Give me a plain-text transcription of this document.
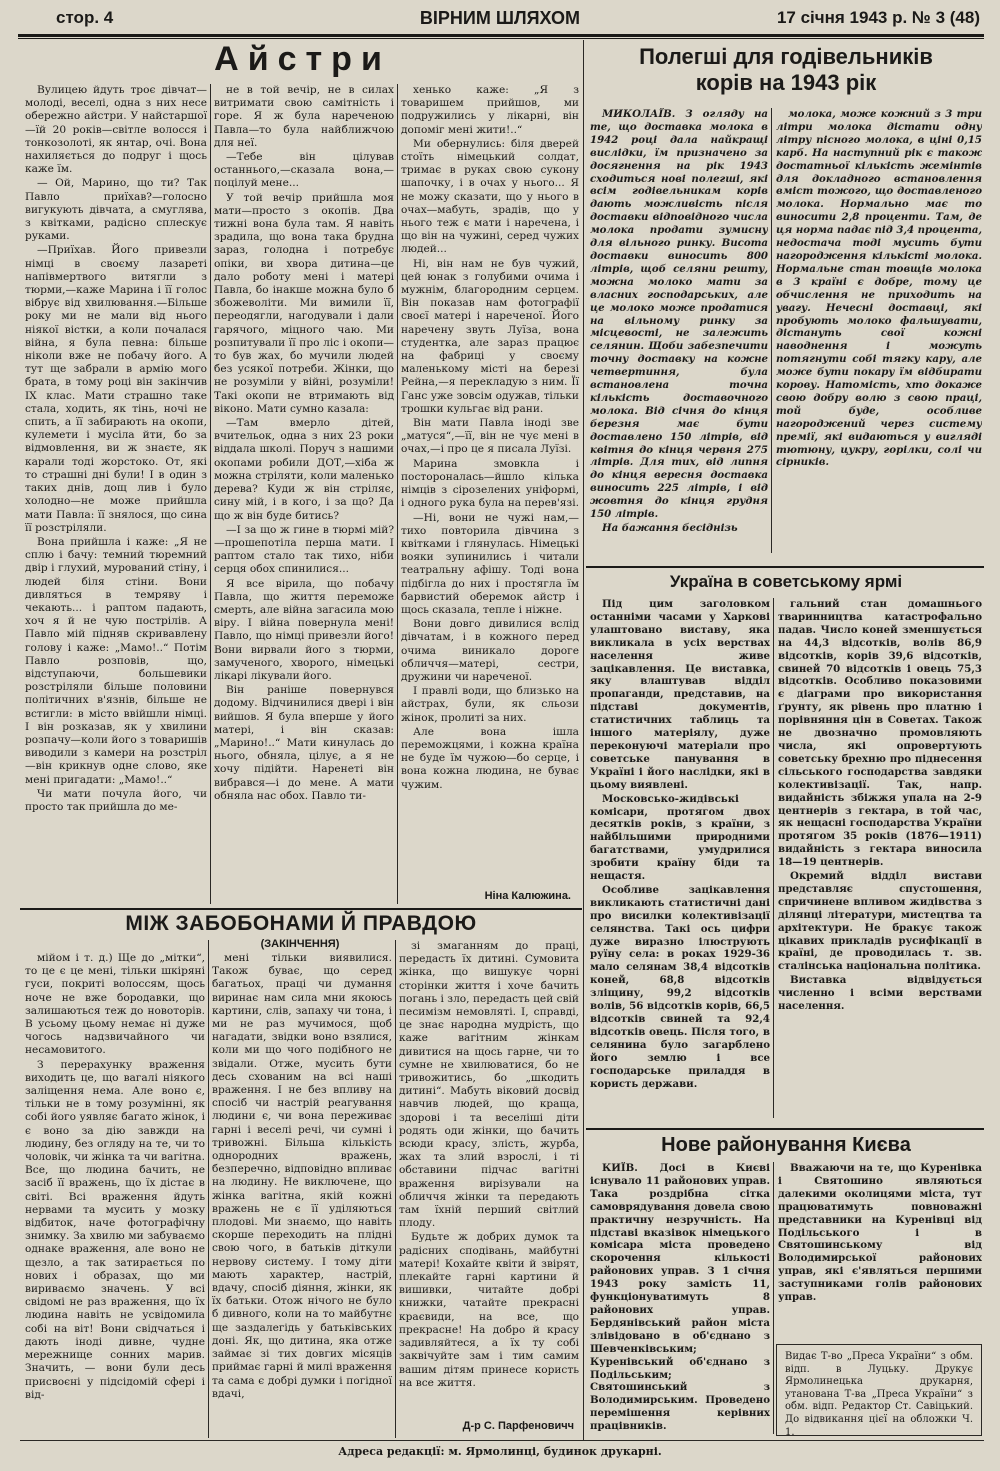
стор. 4	ВІРНИМ ШЛЯХОМ	17 січня 1943 р. № 3 (48)
Айстри

Вулицею йдуть троє дівчат—молоді, веселі, одна з них несе обережно айстри. У найстаршої—їй 20 років—світле волосся і тонкозолоті, як янтар, очі. Вона нахиляється до подруг і щось каже їм.

— Ой, Марино, що ти? Так Павло приїхав?—голосно вигукують дівчата, а смуглява, з квітками, радісно сплескує руками.

—Приїхав. Його привезли німці в своєму лазареті напівмертвого витягли з тюрми,—каже Марина і її голос вібрує від хвилювання.—Більше року ми не мали від нього ніякої вістки, а коли почалася війна, я була певна: більше ніколи вже не побачу його. А тут ще забрали в армію мого брата, в тому році він закінчив IX клас. Мати страшно таке стала, ходить, як тінь, ночі не спить, а її забирають на окопи, кулемети і мусіла йти, бо за відмовлення, ви ж знаєте, як карали тоді жорстоко. От, які то страшні дні були! І в один з таких днів, дощ лив і було холодно—не може прийшла мати Павла: її знялося, що сина її розстріляли.

Вона прийшла і каже: „Я не сплю і бачу: темний тюремний двір і глухий, мурований стіну, і людей біля стіни. Вони дивляться в темряву і чекають... і раптом падають, хоч я й не чую пострілів. А Павло мій підняв скривавлену голову і каже: „Мамо!..“ Потім Павло розповів, що, відступаючи, большевики розстріляли більше половини політичних в'язнів, більше не встигли: в місто ввійшли німці. І він розказав, як у хвилини розпачу—коли його з товаришів виводили з камери на розстріл—він крикнув одне слово, яке мені пригадати: „Мамо!..“

Чи мати почула його, чи просто так прийшла до ме-

не в той вечір, не в силах витримати свою самітність і горе. Я ж була нареченою Павла—то була найближчою для неї.

—Тебе він цілував останнього,—сказала вона,—поцілуй мене...

У той вечір прийшла моя мати—просто з окопів. Два тижні вона була там. Я навіть зрадила, що вона така брудна зараз, голодна і потребує опіки, ви хвора дитина—це дало роботу мені і матері Павла, бо інакше можна було б збожеволіти. Ми вимили її, переодягли, нагодували і дали гарячого, міцного чаю. Ми розпитували її про ліс і окопи—то був жах, бо мучили людей без усякої потреби. Жінки, що не розуміли у війні, розуміли! Такі окопи не втримають від віконо. Мати сумно казала:

—Там вмерло дітей, вчительок, одна з них 23 роки віддала школі. Поруч з нашими окопами робили ДОТ,—хіба ж можна стріляти, коли маленько дерева? Куди ж він стріляє, сину мій, і в кого, і за що? Да що ж він буде битись?

—І за що ж гине в тюрмі мій?—прошепотіла перша мати. І раптом стало так тихо, ніби серця обох спинилися...

Я все вірила, що побачу Павла, що життя переможе смерть, але війна загасила мою віру. І війна повернула мені! Павло, що німці привезли його! Вони вирвали його з тюрми, замученого, хворого, німецькі лікарі лікували його.

Він раніше повернувся додому. Відчинилися двері і він вийшов. Я була вперше у його матері, і він сказав: „Марино!..“ Мати кинулась до нього, обняла, цілує, а я не хочу підійти. Наренеті він вибрався—і до мене. А мати обняла нас обох. Павло ти-

хенько каже: „Я з товаришем прийшов, ми подружились у лікарні, він допоміг мені жити!..“

Ми обернулись: біля дверей стоїть німецький солдат, тримає в руках свою сукону шапочку, і в очах у нього... Я не можу сказати, що у нього в очах—мабуть, зрадів, що у нього теж є мати і наречена, і що він на чужині, серед чужих людей...

Ні, він нам не був чужий, цей юнак з голубими очима і мужнім, благородним серцем. Він показав нам фотографії своєї матері і нареченої. Його наречену звуть Луїза, вона студентка, але зараз працює на фабриці у своєму маленькому місті на березі Рейна,—я перекладую з ним. Її Ганс уже зовсім одужав, тільки трошки кульгає від рани.

Він мати Павла іноді зве „матуся“,—її, він не чує мені в очах,—і про це я писала Луїзі.

Марина змовкла і постороналась—йшло кілька німців з сірозелених уніформі, і одного рука була на перев'язі.

—Ні, вони не чужі нам,—тихо повторила дівчина з квітками і глянулась. Німецькі вояки зупинились і читали театральну афішу. Тоді вона підбігла до них і простягла їм барвистий оберемок айстр і щось сказала, тепле і ніжне.

Вони довго дивилися вслід дівчатам, і в кожного перед очима виникало дороге обличчя—матері, сестри, дружини чи нареченої.

І правлі води, що близько на айстрах, були, як сльози жінок, пролиті за них.

Але вона ішла переможцями, і кожна країна не буде їм чужою—бо серце, і вона кожна людина, не буває чужим.

Ніна Калюжина.
Полегші для годівельників
корів на 1943 рік

МИКОЛАЇВ. З огляду на те, що доставка молока в 1942 році дала найкращі вислідки, їм призначено за досягнення на рік 1943 сходиться нові полегші, які всім годівельникам корів дають можливість після доставки відповідного числа молока продати зумисну для вільного ринку. Висота доставки виносить 800 літрів, щоб селяни решту, можна молоко мати за власних господарських, але це молоко може продатися на вільному ринку за місцевості, не залежить селянин. Щоби забезпечити точну доставку на кожне четвертиння, була встановлена точна кількість доставочного молока. Від січня до кінця березня має бути доставлено 150 літрів, від квітня до кінця червня 275 літрів. Для тих, від липня до кінця вересня доставка виносить 225 літрів, і від жовтня до кінця грудня 150 літрів.

На бажання бесіднізь

молока, може кожний з 3 три літри молока дістати одну літру пісного молока, в ціні 0,15 карб. На наступний рік є також достатньої кількість жемінтів для докладного встановлення вміст тожого, що доставленого молока. Нормально має то виносити 2,8 проценти. Там, де ця норма падає під 3,4 процента, недостача тоді мусить бути нагородження кількісті молока. Нормальне стан товщів молока в 3 країні є добре, тому це обчислення не приходить на увагу. Нечесні доставці, які пробують молоко фальшувати, дістануть свої кожні наводнення і можуть потягнути собі тягку кару, але може бути покару їм відбирати корову. Натомість, хто докаже свою добру волю з свою праці, той буде, особливе нагороджений через систему премії, які видаються у вигляді тютюну, цукру, горілки, солі чи сірників.

Україна в советському ярмі

Під цим заголовком останніми часами у Харкові улаштовано виставу, яка викликала в усіх верствах населення живе зацікавлення. Це виставка, яку влаштував відділ пропаганди, представив, на підставі документів, статистичних таблиць та іншого матеріялу, дуже переконуючі матеріали про советське панування в Україні і його наслідки, які в цьому виявлені.

Московсько-жидівські комісари, протягом двох десятків років, з країни, з найбільшими природними багатствами, умудрилися зробити країну біди та нещастя.

Особливе зацікавлення викликають статистичні дані про висилки колективізації селянства. Такі ось цифри дуже виразно ілюструють руїну села: в роках 1929-36 мало селянам 38,4 відсотків коней, 68,8 відсотків зліщину, 99,2 відсотків волів, 56 відсотків корів, 66,5 відсотків свиней та 92,4 відсотків овець. Після того, в селянина було загарблено його землю і все господарське приладдя в користь держави.

гальний стан домашнього тваринництва катастрофально падав. Число коней зменшується на 44,3 відсотків, волів 86,9 відсотків, корів 39,6 відсотків, свиней 70 відсотків і овець 75,3 відсотків. Особливо показовими є діаграми про використання ґрунту, як рівень про платню і порівняння цін в Советах. Також не двозначно промовляють числа, які опровертують советську брехню про піднесення сільського господарства завдяки колективізації. Так, напр. видайність збіжжя упала на 2-9 центнерів з гектара, в той час, як нещасні господарства України протягом 35 років (1876—1911) видайність з гектара виносила 18—19 центнерів.

Окремий відділ вистави представляє спустошення, спричинене впливом жидівства з ділянці літератури, мистецтва та архітектури. Не бракує також цікавих прикладів русифікації в країні, де проводилась т. зв. сталінська національна політика.

Виставка відвідується численно і всіми верствами населення.

Нове районування Києва

КИЇВ. Досі в Києві існувало 11 районових управ. Така роздрібна сітка самоврядування довела свою практичну незручність. На підставі вказівок німецького комісара міста проведено скорочення кількості районових управ. З 1 січня 1943 року замість 11, функціонуватимуть 8 районових управ. Бердянівський район міста злівідовано в об'єднано з Шевченківським; Куренівський об'єднано з Подільським; Святошинський з Володимирським. Проведено перемішення керівних працівників.

Вважаючи на те, що Куренівка і Святошино являються далекими околицями міста, тут працюватимуть повноважні представники на Куренівці від Подільського і в Святошинському від Володимирської районових управ, які є'являться першими заступниками голів районових управ.

Видає Т-во „Преса України“ з обм. відп. в Луцьку. Друкує Ярмолинецька друкарня, утанована Т-ва „Преса України“ з обм. відп. Редактор Ст. Савіцький. До відвикання цієї на обложки Ч. 1.
МІЖ ЗАБОБОНАМИ Й ПРАВДОЮ
(ЗАКІНЧЕННЯ)

мійом і т. д.) Ще до „мітки“, то це є це мені, тільки шкіряні гуси, покриті волоссям, щось ноче не вже бородавки, що залишаються теж до новоторів. В усьому цьому немає ні дуже чогось надзвичайного чи несамовитого.

З перерахунку враження виходить це, що вагалі ніякого заліщення нема. Але воно є, тільки не в тому розумінні, як собі його уявляє багато жінок, і є воно за дію завжди на людину, без огляду на те, чи то чоловік, чи жінка та чи вагітна. Все, що людина бачить, не засіб її вражень, що їх дістає в світі. Всі враження йдуть нервами та мусить у мозку відбиток, наче фотографічну знимку. За хвилю ми забуваємо однаке враження, але воно не щезло, а так затирається по нових і образах, що ми вириваємо значень. У всі свідомі не раз враження, що їх людина навіть не усвідомила собі на віт! Вони свідчаться і дають іноді дивне, чудне мережнище сонних марив. Значить, — вони були десь присвоєні у підсідомій сфері і від-

мені тільки виявилися. Також буває, що серед багатьох, праці чи думання виринає нам сила мни якоюсь картини, слів, запаху чи тона, і ми не раз мучимося, щоб нагадати, звідки воно взялися, коли ми що чого подібного не звідали. Отже, мусить бути десь схованим на всі наші враження. І не без впливу на спосіб чи настрій реагування людини є, чи вона переживає гарні і веселі речі, чи сумні і тривожні. Більша кількість однородних вражень, безперечно, відповідно впливає на людину. Не виключене, що жінка вагітна, якій кожні вражень не є її уділяються плодові. Ми знаємо, що навіть скорше переходить на плідні свою чого, в батьків діткули нервову систему. І тому діти мають характер, настрій, вдачу, спосіб діяння, жінки, як їх батьки. Отож нічого не було б дивного, коли на то майбутнє ще заздалегідь у батьківських доні. Як, що дитина, яка отже займає зі тих довгих місяців приймає гарні й милі враження та сама є добрі думки і погідної вдачі,

зі змаганням до праці, передасть їх дитині. Сумовита жінка, що вишукує чорні сторінки життя і хоче бачить погань і зло, передасть цей свій песимізм немовляті. І, справді, це знає народна мудрість, що каже вагітним жінкам дивитися на щось гарне, чи то сумне не хвилюватися, бо не тривожитись, бо „шкодить дитині“. Мабуть віковий досвід навчив людей, що краща, здорові і та веселіші діти родять оди жінки, що бачить всюди красу, злість, журба, жах та злий взрослі, і ті обставини підчас вагітні враження вирізували на обличчя жінки та передають там їхній перший світлий плоду.

Будьте ж добрих думок та радісних сподівань, майбутні матері! Кохайте квіти й звірят, плекайте гарні картини й вишивки, читайте добрі книжки, чатайте прекрасні краєвиди, на все, що прекрасне! На добро й красу задивляйтеся, а їх ту собі заквічуйте зам і тим самим вашим дітям принесе користь на все життя.

Д-р С. Парфеновичч
Адреса редакції: м. Ярмолинці, будинок друкарні.
